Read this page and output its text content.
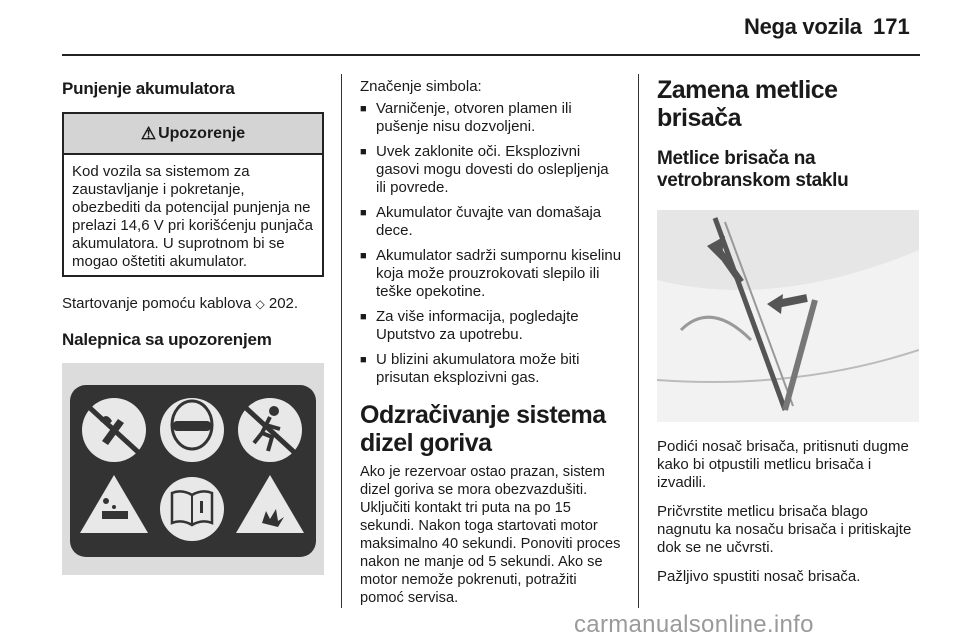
Nega vozila 171
Punjenje akumulatora
⚠ Upozorenje
Kod vozila sa sistemom za zaustavljanje i pokretanje, obezbediti da potencijal punjenja ne prelazi 14,6 V pri korišćenju punjača akumulatora. U suprotnom bi se mogao oštetiti akumulator.

Startovanje pomoću kablova ◇ 202.

Nalepnica sa upozorenjem

Značenje simbola:

■ Varničenje, otvoren plamen ili pušenje nisu dozvoljeni.
■ Uvek zaklonite oči. Eksplozivni gasovi mogu dovesti do oslepljenja ili povrede.
■ Akumulator čuvajte van domašaja dece.
■ Akumulator sadrži sumpornu kiselinu koja može prouzrokovati slepilo ili teške opekotine.
■ Za više informacija, pogledajte Uputstvo za upotrebu.
■ U blizini akumulatora može biti prisutan eksplozivni gas.
Odzračivanje sistema dizel goriva

Ako je rezervoar ostao prazan, sistem dizel goriva se mora obezvazdušiti. Uključiti kontakt tri puta na po 15 sekundi. Nakon toga startovati motor maksimalno 40 sekundi. Ponoviti proces nakon ne manje od 5 sekundi. Ako se motor nemože pokrenuti, potražiti pomoć servisa.

Zamena metlice brisača
Metlice brisača na vetrobranskom staklu

Podići nosač brisača, pritisnuti dugme kako bi otpustili metlicu brisača i izvadili.

Pričvrstite metlicu brisača blago nagnutu ka nosaču brisača i pritiskajte dok se ne učvrsti.

Pažljivo spustiti nosač brisača.

carmanualsonline.info
